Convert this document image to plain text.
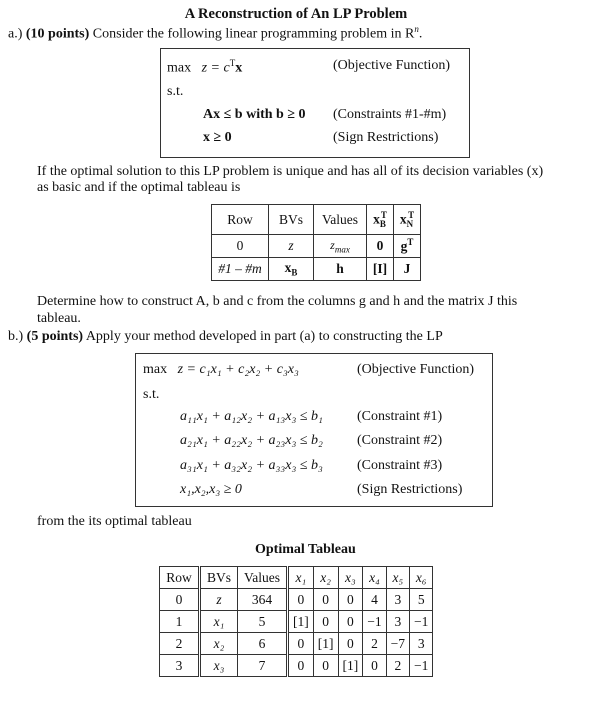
A Reconstruction of An LP Problem
a.) (10 points) Consider the following linear programming problem in $R^n$.
$\max z = c^Tx$	(Objective Function)
s.t.
Ax ≤ b with b ≥ 0 (Constraints #1-#m)
x ≥ 0	(Sign Restrictions)
If the optimal solution to this LP problem is unique and has all of its decision variables (x)
as basic and if the optimal tableau is
Row	BVs	Values	$x_B^T$	$x_N^T$
0	z	$z_{max}$	0	$g^T$
#1 – #m	$x_B$	h	[I]	J
Determine how to construct A, b and c from the columns g and h and the matrix J this
tableau.
b.) (5 points) Apply your method developed in part (a) to constructing the LP
max z = c₁x₁ + c₂x₂ + c₃x₃	(Objective Function)
s.t.
a₁₁x₁ + a₁₂x₂ + a₁₃x₃ ≤ b₁ (Constraint #1)
a₂₁x₁ + a₂₂x₂ + a₂₃x₃ ≤ b₂ (Constraint #2)
a₃₁x₁ + a₃₂x₂ + a₃₃x₃ ≤ b₃ (Constraint #3)
x₁,x₂,x₃ ≥ 0	(Sign Restrictions)
from the its optimal tableau
Optimal Tableau
Row	BVs	Values	x₁	x₂	x₃	x₄	x₅	x₆
0	z	364	0	0	0	4	3	5
1	x₁	5	[1]	0	0	−1	3	−1
2	x₂	6	0	[1]	0	2	−7	3
3	x₃	7	0	0	[1]	0	2	−1
